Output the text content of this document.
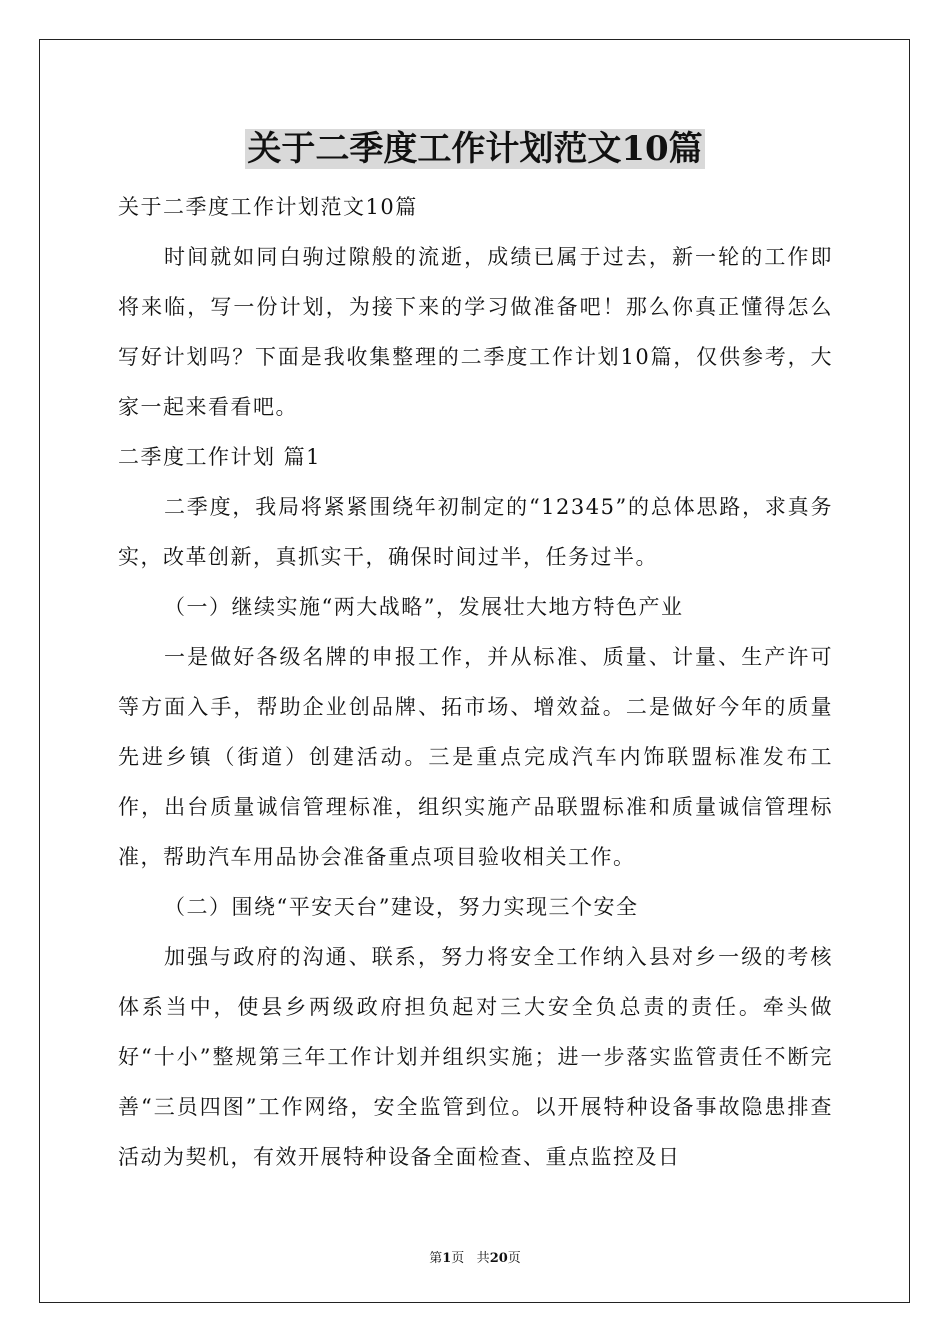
关于二季度工作计划范文10篇

关于二季度工作计划范文10篇

时间就如同白驹过隙般的流逝，成绩已属于过去，新一轮的工作即将来临，写一份计划，为接下来的学习做准备吧！那么你真正懂得怎么写好计划吗？下面是我收集整理的二季度工作计划10篇，仅供参考，大家一起来看看吧。

二季度工作计划 篇1

二季度，我局将紧紧围绕年初制定的“12345”的总体思路，求真务实，改革创新，真抓实干，确保时间过半，任务过半。

（一）继续实施“两大战略”，发展壮大地方特色产业

一是做好各级名牌的申报工作，并从标准、质量、计量、生产许可等方面入手，帮助企业创品牌、拓市场、增效益。二是做好今年的质量先进乡镇（街道）创建活动。三是重点完成汽车内饰联盟标准发布工作，出台质量诚信管理标准，组织实施产品联盟标准和质量诚信管理标准，帮助汽车用品协会准备重点项目验收相关工作。

（二）围绕“平安天台”建设，努力实现三个安全

加强与政府的沟通、联系，努力将安全工作纳入县对乡一级的考核体系当中，使县乡两级政府担负起对三大安全负总责的责任。牵头做好“十小”整规第三年工作计划并组织实施；进一步落实监管责任不断完善“三员四图”工作网络，安全监管到位。以开展特种设备事故隐患排查活动为契机，有效开展特种设备全面检查、重点监控及日

第1页 共20页
